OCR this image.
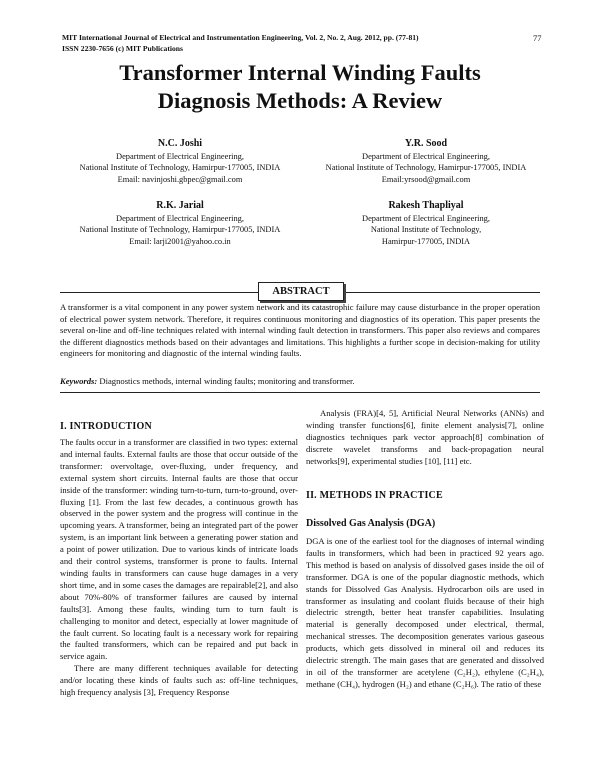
MIT International Journal of Electrical and Instrumentation Engineering, Vol. 2, No. 2, Aug. 2012, pp. (77-81)
ISSN 2230-7656 (c) MIT Publications
77
Transformer Internal Winding Faults
Diagnosis Methods: A Review
N.C. Joshi
Department of Electrical Engineering,
National Institute of Technology, Hamirpur-177005, INDIA
Email: navinjoshi.gbpec@gmail.com
Y.R. Sood
Department of Electrical Engineering,
National Institute of Technology, Hamirpur-177005, INDIA
Email:yrsood@gmail.com
R.K. Jarial
Department of Electrical Engineering,
National Institute of Technology, Hamirpur-177005, INDIA
Email: larji2001@yahoo.co.in
Rakesh Thapliyal
Department of Electrical Engineering,
National Institute of Technology,
Hamirpur-177005, INDIA
ABSTRACT
A transformer is a vital component in any power system network and its catastrophic failure may cause disturbance in the proper operation of electrical power system network. Therefore, it requires continuous monitoring and diagnostics of its operation. This paper presents the several on-line and off-line techniques related with internal winding fault detection in transformers. This paper also reviews and compares the different diagnostics methods based on their advantages and limitations. This highlights a further scope in decision-making for utility engineers for monitoring and diagnostic of the internal winding faults.
Keywords: Diagnostics methods, internal winding faults; monitoring and transformer.
I. INTRODUCTION

The faults occur in a transformer are classified in two types: external and internal faults. External faults are those that occur outside of the transformer: overvoltage, over-fluxing, under frequency, and external system short circuits. Internal faults are those that occur inside of the transformer: winding turn-to-turn, turn-to-ground, over-fluxing [1]. From the last few decades, a continuous growth has observed in the power system and the progress will continue in the upcoming years. A transformer, being an integrated part of the power system, is an important link between a generating power station and a point of power utilization. Due to various kinds of intricate loads and their control systems, transformer is prone to faults. Internal winding faults in transformers can cause huge damages in a very short time, and in some cases the damages are repairable[2], and also about 70%-80% of transformer failures are caused by internal faults[3]. Among these faults, winding turn to turn fault is challenging to monitor and detect, especially at lower magnitude of the fault current. So locating fault is a necessary work for repairing the faulted transformers, which can be repaired and put back in service again.

There are many different techniques available for detecting and/or locating these kinds of faults such as: off-line techniques, high frequency analysis [3], Frequency Response

Analysis (FRA)[4, 5], Artificial Neural Networks (ANNs) and winding transfer functions[6], finite element analysis[7], online diagnostics techniques park vector approach[8] combination of discrete wavelet transforms and back-propagation neural networks[9], experimental studies [10], [11] etc.

II. METHODS IN PRACTICE
Dissolved Gas Analysis (DGA)

DGA is one of the earliest tool for the diagnoses of internal winding faults in transformers, which had been in practiced 92 years ago. This method is based on analysis of dissolved gases inside the oil of transformer. DGA is one of the popular diagnostic methods, which stands for Dissolved Gas Analysis. Hydrocarbon oils are used in transformer as insulating and coolant fluids because of their high dielectric strength, better heat transfer capabilities. Insulating material is generally decomposed under electrical, thermal, mechanical stresses. The decomposition generates various gaseous products, which gets dissolved in mineral oil and reduces its dielectric strength. The main gases that are generated and dissolved in oil of the transformer are acetylene (C₂H₂), ethylene (C₂H₄), methane (CH₄), hydrogen (H₂) and ethane (C₂H₆). The ratio of these
